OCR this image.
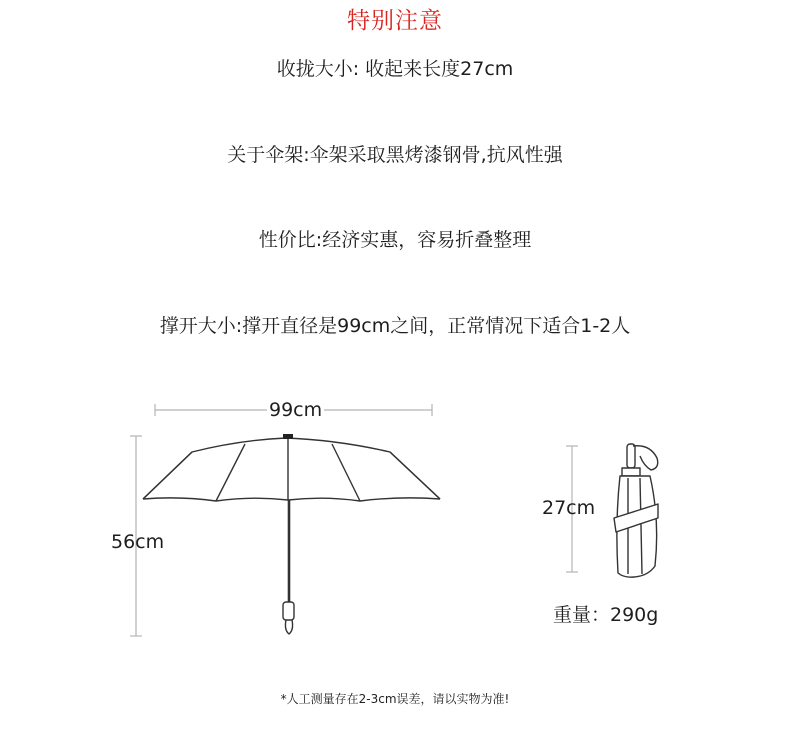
特别注意
收拢大小: 收起来长度27cm
关于伞架:伞架采取黑烤漆钢骨,抗风性强
性价比:经济实惠，容易折叠整理
撑开大小:撑开直径是99cm之间，正常情况下适合1-2人
99cm
56cm
27cm
重量：290g
*人工测量存在2-3cm误差，请以实物为准!
